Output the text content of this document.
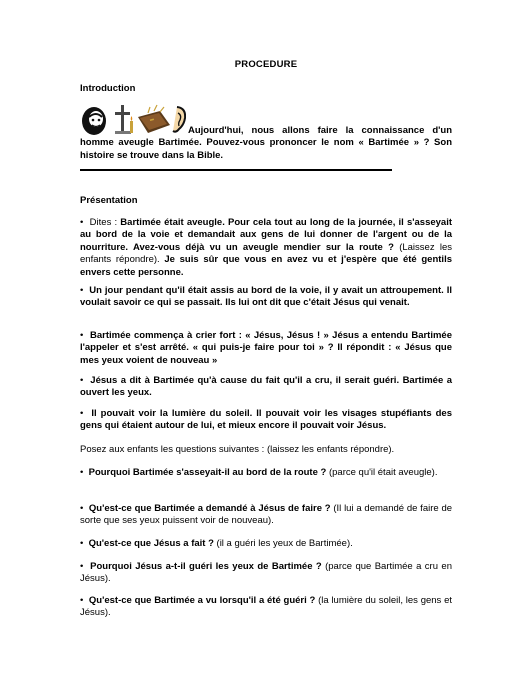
PROCEDURE
Introduction
Aujourd'hui, nous allons faire la connaissance d'un homme aveugle Bartimée. Pouvez-vous prononcer le nom « Bartimée » ? Son histoire se trouve dans la Bible.
Présentation
• Dites : Bartimée était aveugle. Pour cela tout au long de la journée, il s'asseyait au bord de la voie et demandait aux gens de lui donner de l'argent ou de la nourriture. Avez-vous déjà vu un aveugle mendier sur la route ? (Laissez les enfants répondre). Je suis sûr que vous en avez vu et j'espère que été gentils envers cette personne.
• Un jour pendant qu'il était assis au bord de la voie, il y avait un attroupement. Il voulait savoir ce qui se passait. Ils lui ont dit que c'était Jésus qui venait.
• Bartimée commença à crier fort : « Jésus, Jésus ! » Jésus a entendu Bartimée l'appeler et s'est arrêté. « qui puis-je faire pour toi » ? Il répondit : « Jésus que mes yeux voient de nouveau »
• Jésus a dit à Bartimée qu'à cause du fait qu'il a cru, il serait guéri. Bartimée a ouvert les yeux.
• Il pouvait voir la lumière du soleil. Il pouvait voir les visages stupéfiants des gens qui étaient autour de lui, et mieux encore il pouvait voir Jésus.
Posez aux enfants les questions suivantes : (laissez les enfants répondre).
• Pourquoi Bartimée s'asseyait-il au bord de la route ? (parce qu'il était aveugle).
• Qu'est-ce que Bartimée a demandé à Jésus de faire ? (Il lui a demandé de faire de sorte que ses yeux puissent voir de nouveau).
• Qu'est-ce que Jésus a fait ? (il a guéri les yeux de Bartimée).
• Pourquoi Jésus a-t-il guéri les yeux de Bartimée ? (parce que Bartimée a cru en Jésus).
• Qu'est-ce que Bartimée a vu lorsqu'il a été guéri ? (la lumière du soleil, les gens et Jésus).
